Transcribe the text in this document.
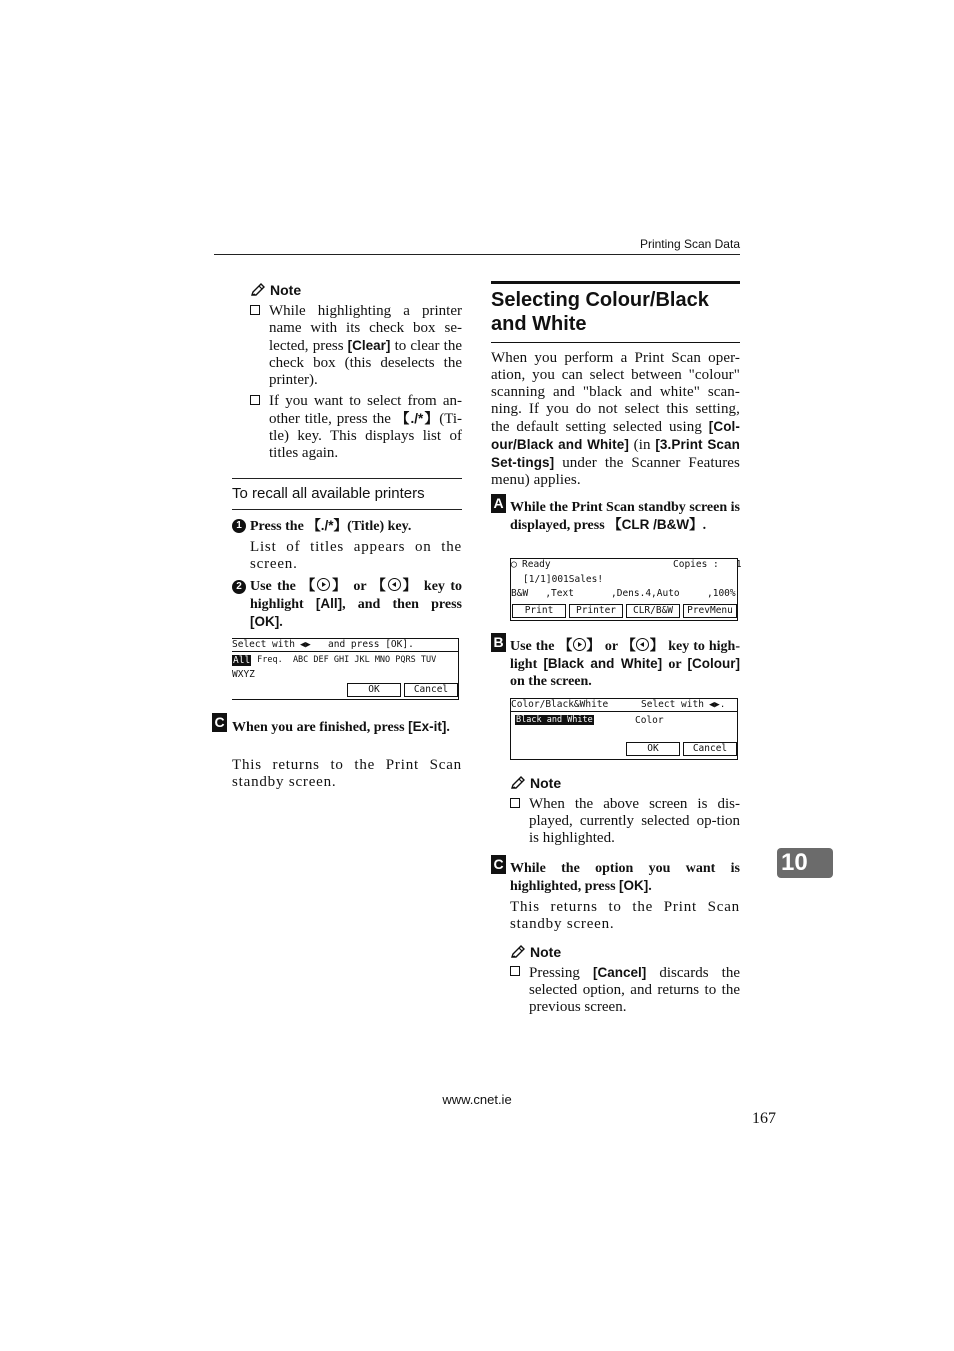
Printing Scan Data
Note
While highlighting a printer name with its check box se-lected, press [Clear] to clear the check box (this deselects the printer).
If you want to select from an-other title, press the 【./*】(Ti-tle) key. This displays list of titles again.
To recall all available printers
1 Press the 【./*】(Title) key.
List of titles appears on the screen.
2 Use the 【 】 or 【 】 key to highlight [All], and then press [OK].
Select with ◀▶ and press [OK].
All Freq.  ABC DEF GHI JKL MNO PQRS TUV
WXYZ
OK	Cancel
C When you are finished, press [Ex-it].
This returns to the Print Scan standby screen.
Selecting Colour/Black and White
When you perform a Print Scan oper-ation, you can select between "colour" scanning and "black and white" scan-ning. If you do not select this setting, the default setting selected using [Col-our/Black and White] (in [3.Print Scan Set-tings] under the Scanner Features menu) applies.
A While the Print Scan standby screen is displayed, press 【CLR /B&W】.
◯ Ready	Copies :   1
[1/1]001Sales!
B&W   ,Text	,Dens.4,Auto	,100%
Print	Printer	CLR/B&W	PrevMenu
B Use the 【 】 or 【 】 key to high-light [Black and White] or [Colour] on the screen.
Color/Black&White	Select with ◀▶.
Black and White	Color
OK	Cancel
Note
When the above screen is dis-played, currently selected op-tion is highlighted.
C While the option you want is highlighted, press [OK].
This returns to the Print Scan standby screen.
Note
Pressing [Cancel] discards the selected option, and returns to the previous screen.
10
www.cnet.ie
167
